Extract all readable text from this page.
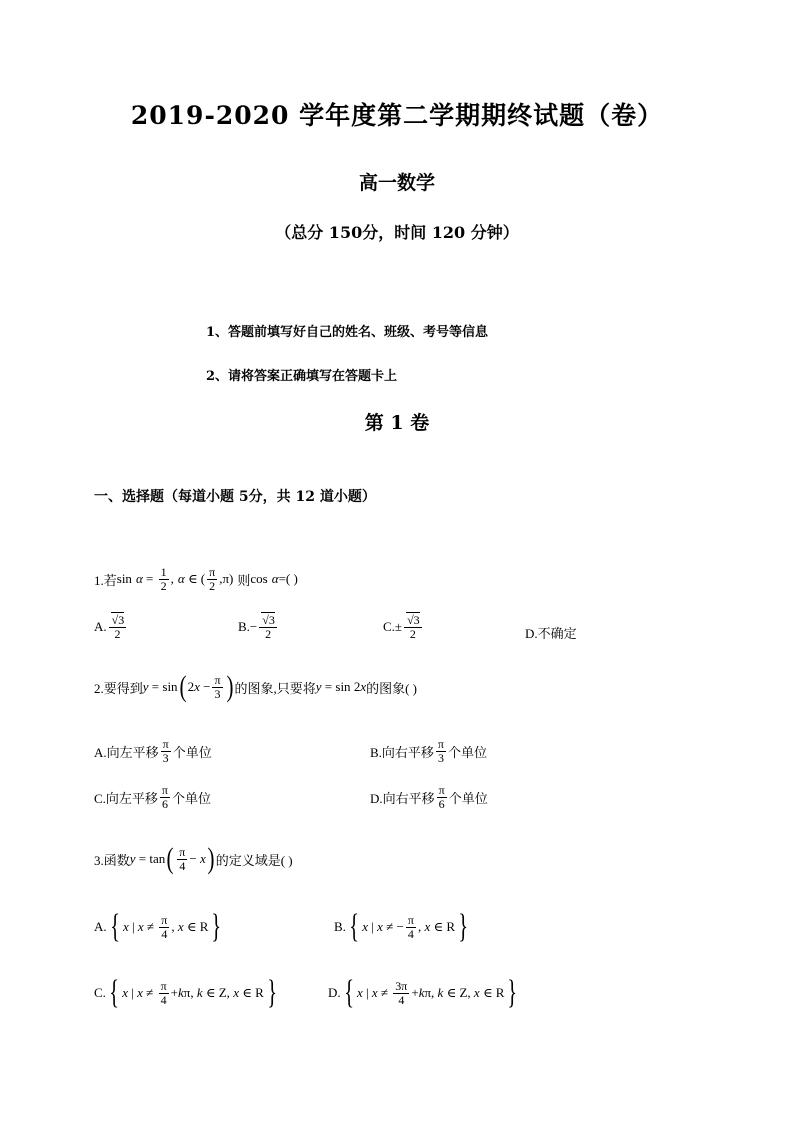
2019-2020 学年度第二学期期终试题（卷）
高一数学
（总分 150分，时间 120 分钟）
1、答题前填写好自己的姓名、班级、考号等信息
2、请将答案正确填写在答题卡上
第 1 卷
一、选择题（每道小题 5分，共 12 道小题）
1.若 $\sin \alpha = \frac{1}{2}$ , α ∈ ( $\frac{\pi}{2}$ , π ) 则 cos α =( )
A. $\frac{√3}{2}$	B. − $\frac{√3}{2}$	C. ± $\frac{√3}{2}$	D.不确定
2.要得到 y = sin ( 2 $x - \frac{\pi}{3}$ ) 的图象,只要将 y = sin
2 x 的图象( )
A.向左平移 $\frac{\pi}{3}$ 个单位	B.向右平移 $\frac{\pi}{3}$ 个单位
C.向左平移 $\frac{\pi}{6}$ 个单位	D.向右平移 $\frac{\pi}{6}$ 个单位
3.函数 y = tan ( $\frac{\pi}{4} - x$ ) 的定义域是( )
A. { x | $x \ne \frac{\pi}{4}$ , x ∈ R }	B. { x | x ≠ − $\frac{\pi}{4}$ , x ∈ R }
C. { x | $x \ne \frac{\pi}{4} + k$ π , k ∈ Z, x ∈ R }	D. { x | $x \ne \frac{3\pi}{4} + k$ π , k ∈ Z, x ∈ R }
